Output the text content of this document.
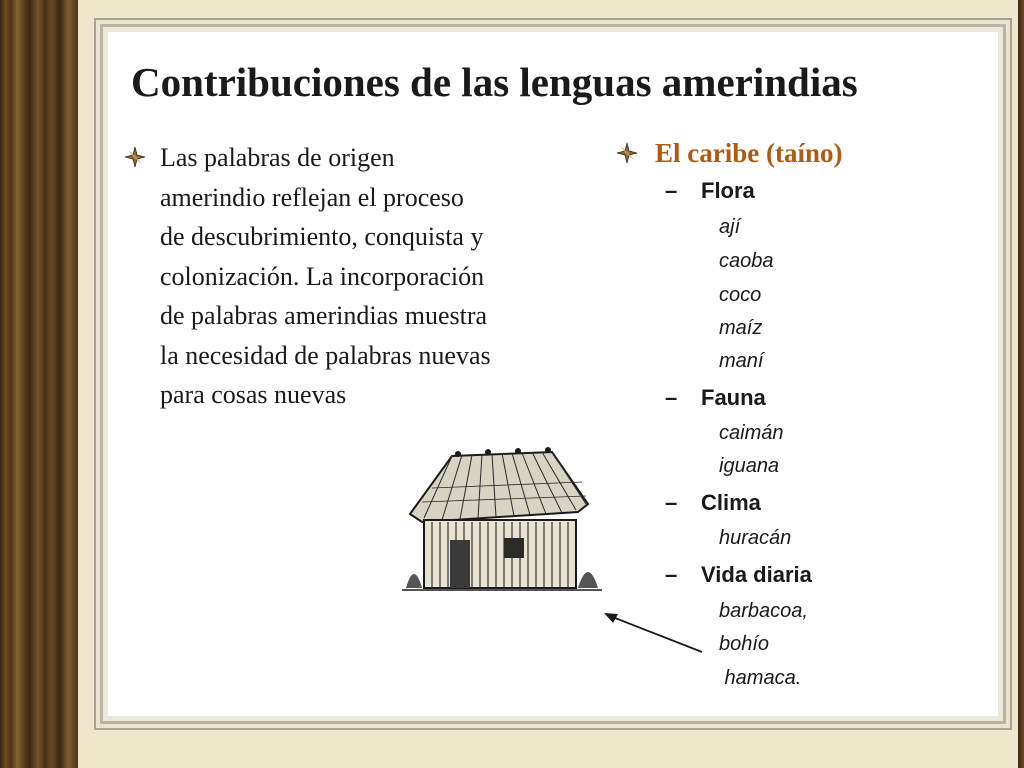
Contribuciones de las lenguas amerindias
Las palabras de origen
amerindio reflejan el proceso
de descubrimiento, conquista y
colonización. La incorporación
de palabras amerindias muestra
la necesidad de palabras nuevas
para cosas nuevas
El caribe (taíno)
– Flora
ají
caoba
coco
maíz
maní
– Fauna
caimán
iguana
– Clima
huracán
– Vida diaria
barbacoa,
bohío
hamaca.
